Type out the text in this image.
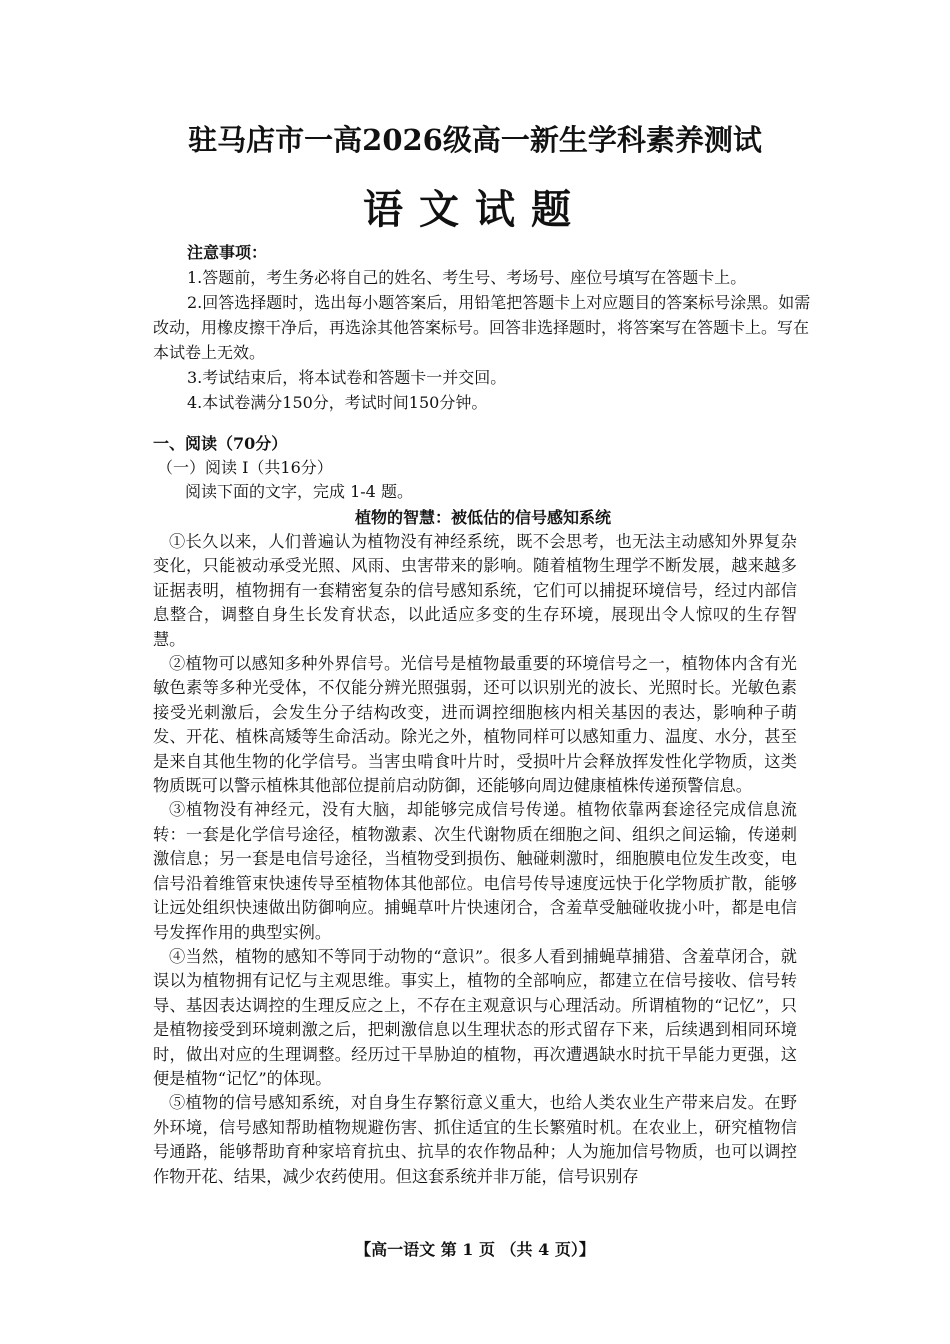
驻马店市一高2026级高一新生学科素养测试
语文试题
注意事项：

1.答题前，考生务必将自己的姓名、考生号、考场号、座位号填写在答题卡上。

2.回答选择题时，选出每小题答案后，用铅笔把答题卡上对应题目的答案标号涂黑。如需改动，用橡皮擦干净后，再选涂其他答案标号。回答非选择题时，将答案写在答题卡上。写在本试卷上无效。

3.考试结束后，将本试卷和答题卡一并交回。

4.本试卷满分150分，考试时间150分钟。

一、阅读（70分）
（一）阅读 I（共16分）
阅读下面的文字，完成 1-4 题。
植物的智慧：被低估的信号感知系统

①长久以来，人们普遍认为植物没有神经系统，既不会思考，也无法主动感知外界复杂变化，只能被动承受光照、风雨、虫害带来的影响。随着植物生理学不断发展，越来越多证据表明，植物拥有一套精密复杂的信号感知系统，它们可以捕捉环境信号，经过内部信息整合，调整自身生长发育状态，以此适应多变的生存环境，展现出令人惊叹的生存智慧。

②植物可以感知多种外界信号。光信号是植物最重要的环境信号之一，植物体内含有光敏色素等多种光受体，不仅能分辨光照强弱，还可以识别光的波长、光照时长。光敏色素接受光刺激后，会发生分子结构改变，进而调控细胞核内相关基因的表达，影响种子萌发、开花、植株高矮等生命活动。除光之外，植物同样可以感知重力、温度、水分，甚至是来自其他生物的化学信号。当害虫啃食叶片时，受损叶片会释放挥发性化学物质，这类物质既可以警示植株其他部位提前启动防御，还能够向周边健康植株传递预警信息。

③植物没有神经元，没有大脑，却能够完成信号传递。植物依靠两套途径完成信息流转：一套是化学信号途径，植物激素、次生代谢物质在细胞之间、组织之间运输，传递刺激信息；另一套是电信号途径，当植物受到损伤、触碰刺激时，细胞膜电位发生改变，电信号沿着维管束快速传导至植物体其他部位。电信号传导速度远快于化学物质扩散，能够让远处组织快速做出防御响应。捕蝇草叶片快速闭合，含羞草受触碰收拢小叶，都是电信号发挥作用的典型实例。

④当然，植物的感知不等同于动物的“意识”。很多人看到捕蝇草捕猎、含羞草闭合，就误以为植物拥有记忆与主观思维。事实上，植物的全部响应，都建立在信号接收、信号转导、基因表达调控的生理反应之上，不存在主观意识与心理活动。所谓植物的“记忆”，只是植物接受到环境刺激之后，把刺激信息以生理状态的形式留存下来，后续遇到相同环境时，做出对应的生理调整。经历过干旱胁迫的植物，再次遭遇缺水时抗干旱能力更强，这便是植物“记忆”的体现。

⑤植物的信号感知系统，对自身生存繁衍意义重大，也给人类农业生产带来启发。在野外环境，信号感知帮助植物规避伤害、抓住适宜的生长繁殖时机。在农业上，研究植物信号通路，能够帮助育种家培育抗虫、抗旱的农作物品种；人为施加信号物质，也可以调控作物开花、结果，减少农药使用。但这套系统并非万能，信号识别存

【高一语文 第 1 页 （共 4 页）】
